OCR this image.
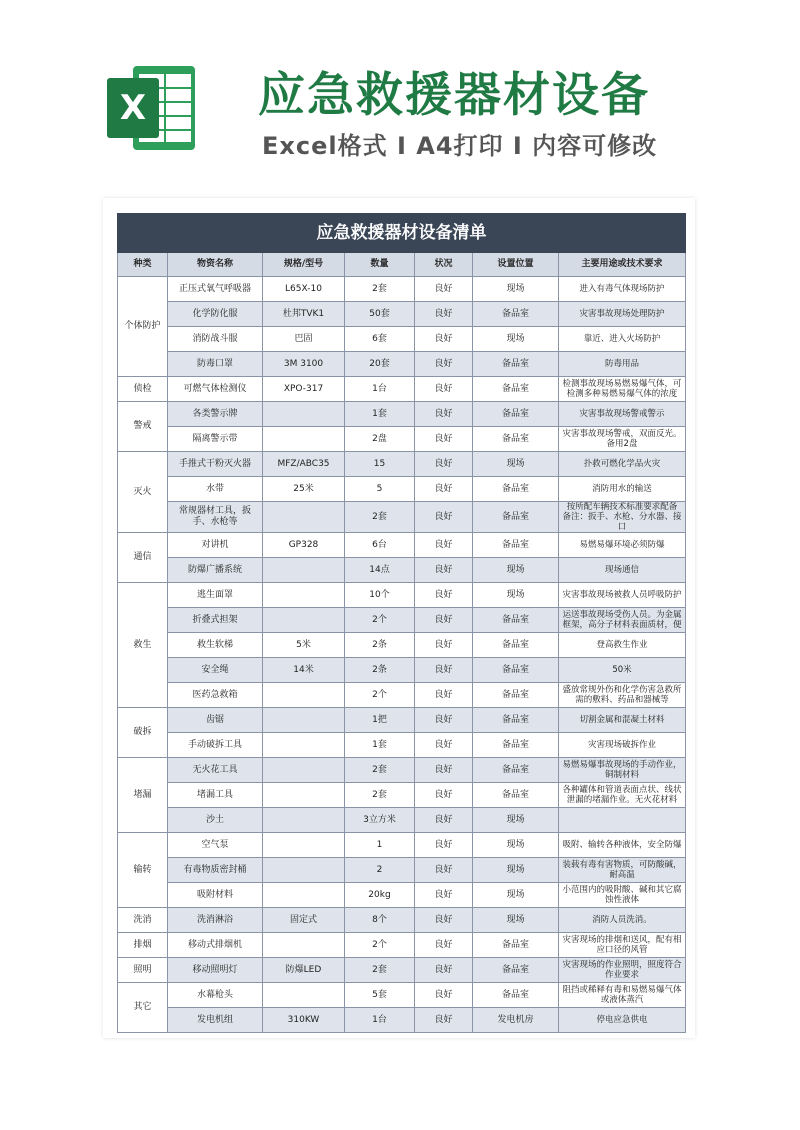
X 应急救援器材设备
Excel格式 I A4打印 I 内容可修改
应急救援器材设备清单						
种类	物资名称	规格/型号	数量	状况	设置位置	主要用途或技术要求
个体防护	正压式氧气呼吸器	L65X-10	2套	良好	现场	进入有毒气体现场防护
	化学防化服	杜邦TVK1	50套	良好	备品室	灾害事故现场处理防护
	消防战斗服	巴固	6套	良好	现场	靠近、进入火场防护
	防毒口罩	3M 3100	20套	良好	备品室	防毒用品
侦检	可燃气体检测仪	XPO-317	1台	良好	备品室	检测事故现场易燃易爆气体，可检测多种易燃易爆气体的浓度
警戒	各类警示牌		1套	良好	备品室	灾害事故现场警戒警示
	隔离警示带		2盘	良好	备品室	灾害事故现场警戒，双面反光。备用2盘
灭火	手推式干粉灭火器	MFZ/ABC35	15	良好	现场	扑救可燃化学品火灾
	水带	25米	5	良好	备品室	消防用水的输送
	常规器材工具，扳手、水枪等		2套	良好	备品室	按所配车辆技术标准要求配备 备注：扳手、水枪、分水器、接口
通信	对讲机	GP328	6台	良好	备品室	易燃易爆环境必须防爆
	防爆广播系统		14点	良好	现场	现场通信
救生	逃生面罩		10个	良好	现场	灾害事故现场被救人员呼吸防护
	折叠式担架		2个	良好	备品室	运送事故现场受伤人员。为金属框架，高分子材料表面质材，便
	救生软梯	5米	2条	良好	备品室	登高救生作业
	安全绳	14米	2条	良好	备品室	50米
	医药急救箱		2个	良好	备品室	盛放常规外伤和化学伤害急救所需的敷料、药品和器械等
破拆	齿锯		1把	良好	备品室	切割金属和混凝土材料
	手动破拆工具		1套	良好	备品室	灾害现场破拆作业
堵漏	无火花工具		2套	良好	备品室	易燃易爆事故现场的手动作业，铜制材料
	堵漏工具		2套	良好	备品室	各种罐体和管道表面点状、线状泄漏的堵漏作业。无火花材料
	沙土		3立方米	良好	现场	
输转	空气泵		1	良好	现场	吸附、输转各种液体，安全防爆
	有毒物质密封桶		2	良好	现场	装载有毒有害物质，可防酸碱，耐高温
	吸附材料		20kg	良好	现场	小范围内的吸附酸、碱和其它腐蚀性液体
洗消	洗消淋浴	固定式	8个	良好	现场	消防人员洗消。
排烟	移动式排烟机		2个	良好	备品室	灾害现场的排烟和送风，配有相应口径的风管
照明	移动照明灯	防爆LED	2套	良好	备品室	灾害现场的作业照明，照度符合作业要求
其它	水幕枪头		5套	良好	备品室	阻挡或稀释有毒和易燃易爆气体或液体蒸汽
	发电机组	310KW	1台	良好	发电机房	停电应急供电
